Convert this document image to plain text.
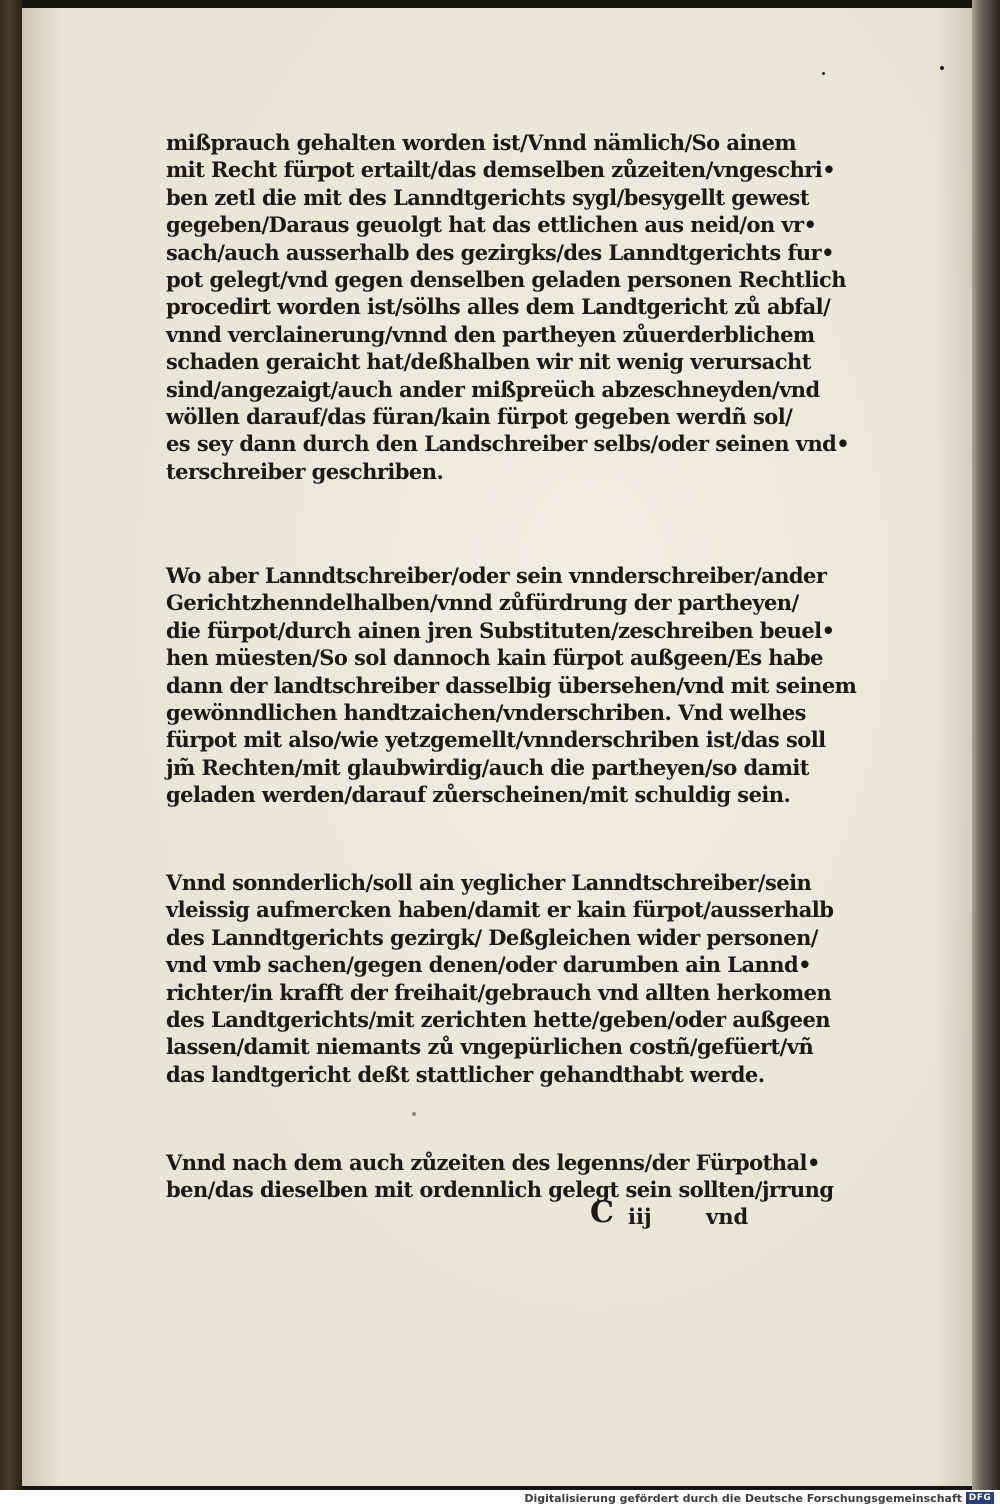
mißprauch gehalten worden ist/Vnnd nämlich/So ainem
mit Recht fürpot ertailt/das demselben zůzeiten/vngeschri•
ben zetl die mit des Lanndtgerichts sygl/besygellt gewest
gegeben/Daraus geuolgt hat das ettlichen aus neid/on vr•
sach/auch ausserhalb des gezirgks/des Lanndtgerichts fur•
pot gelegt/vnd gegen denselben geladen personen Rechtlich
procedirt worden ist/sölhs alles dem Landtgericht zů abfal/
vnnd verclainerung/vnnd den partheyen zůuerderblichem
schaden geraicht hat/deßhalben wir nit wenig verursacht
sind/angezaigt/auch ander mißpreüch abzeschneyden/vnd
wöllen darauf/das füran/kain fürpot gegeben werdñ sol/
es sey dann durch den Landschreiber selbs/oder seinen vnd•
terschreiber geschriben.
Wo aber Lanndtschreiber/oder sein vnnderschreiber/ander
Gerichtzhenndelhalben/vnnd zůfürdrung der partheyen/
die fürpot/durch ainen jren Substituten/zeschreiben beuel•
hen müesten/So sol dannoch kain fürpot außgeen/Es habe
dann der landtschreiber dasselbig übersehen/vnd mit seinem
gewönndlichen handtzaichen/vnderschriben. Vnd welhes
fürpot mit also/wie yetzgemellt/vnnderschriben ist/das soll
jm̃ Rechten/mit glaubwirdig/auch die partheyen/so damit
geladen werden/darauf zůerscheinen/mit schuldig sein.
Vnnd sonnderlich/soll ain yeglicher Lanndtschreiber/sein
vleissig aufmercken haben/damit er kain fürpot/ausserhalb
des Lanndtgerichts gezirgk/ Deßgleichen wider personen/
vnd vmb sachen/gegen denen/oder darumben ain Lannd•
richter/in krafft der freihait/gebrauch vnd allten herkomen
des Landtgerichts/mit zerichten hette/geben/oder außgeen
lassen/damit niemants zů vngepürlichen costñ/gefüert/vñ
das landtgericht deßt stattlicher gehandthabt werde.
Vnnd nach dem auch zůzeiten des legenns/der Fürpothal•
ben/das dieselben mit ordennlich gelegt sein sollten/jrrung
C iij	vnd
Digitalisierung gefördert durch die Deutsche Forschungsgemeinschaft DFG
